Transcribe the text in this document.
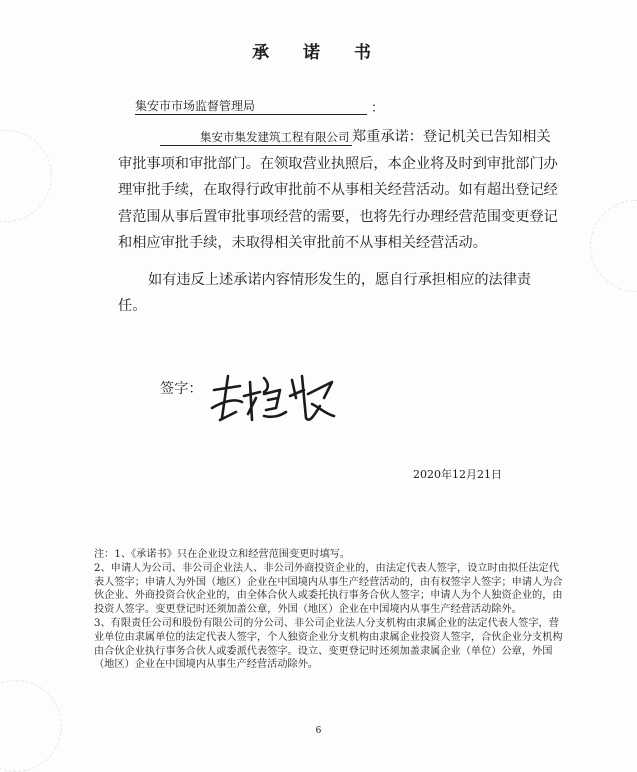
承 诺 书
集安市市场监督管理局	：

集安市集发建筑工程有限公司 郑重承诺：登记机关已告知相关审批事项和审批部门。在领取营业执照后，本企业将及时到审批部门办理审批手续，在取得行政审批前不从事相关经营活动。如有超出登记经营范围从事后置审批事项经营的需要，也将先行办理经营范围变更登记和相应审批手续，未取得相关审批前不从事相关经营活动。

如有违反上述承诺内容情形发生的，愿自行承担相应的法律责任。

签字：
2020年12月21日
注：1、《承诺书》只在企业设立和经营范围变更时填写。
2、申请人为公司、非公司企业法人、非公司外商投资企业的，由法定代表人签字，设立时由拟任法定代表人签字；申请人为外国（地区）企业在中国境内从事生产经营活动的，由有权签字人签字；申请人为合伙企业、外商投资合伙企业的，由全体合伙人或委托执行事务合伙人签字；申请人为个人独资企业的，由投资人签字。变更登记时还须加盖公章，外国（地区）企业在中国境内从事生产经营活动除外。
3、有限责任公司和股份有限公司的分公司、非公司企业法人分支机构由隶属企业的法定代表人签字，营业单位由隶属单位的法定代表人签字，个人独资企业分支机构由隶属企业投资人签字，合伙企业分支机构由合伙企业执行事务合伙人或委派代表签字。设立、变更登记时还须加盖隶属企业（单位）公章，外国（地区）企业在中国境内从事生产经营活动除外。
6
